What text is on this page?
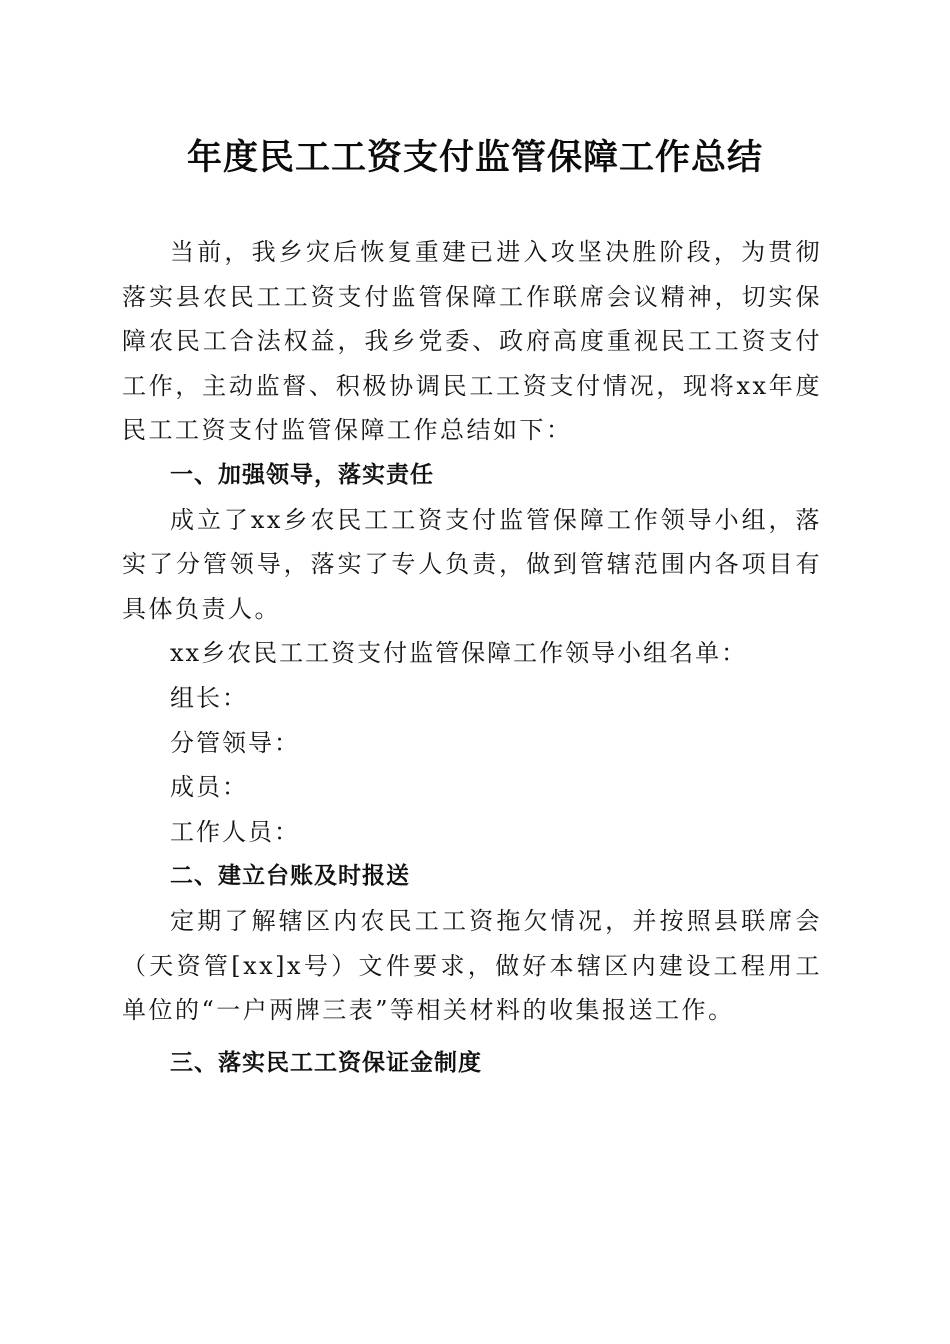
年度民工工资支付监管保障工作总结

当前，我乡灾后恢复重建已进入攻坚决胜阶段，为贯彻落实县农民工工资支付监管保障工作联席会议精神，切实保障农民工合法权益，我乡党委、政府高度重视民工工资支付工作，主动监督、积极协调民工工资支付情况，现将xx年度民工工资支付监管保障工作总结如下：

一、加强领导，落实责任

成立了xx乡农民工工资支付监管保障工作领导小组，落实了分管领导，落实了专人负责，做到管辖范围内各项目有具体负责人。

xx乡农民工工资支付监管保障工作领导小组名单：

组长：

分管领导：

成员：

工作人员：

二、建立台账及时报送

定期了解辖区内农民工工资拖欠情况，并按照县联席会（天资管[xx]x号）文件要求，做好本辖区内建设工程用工单位的“一户两牌三表”等相关材料的收集报送工作。

三、落实民工工资保证金制度
